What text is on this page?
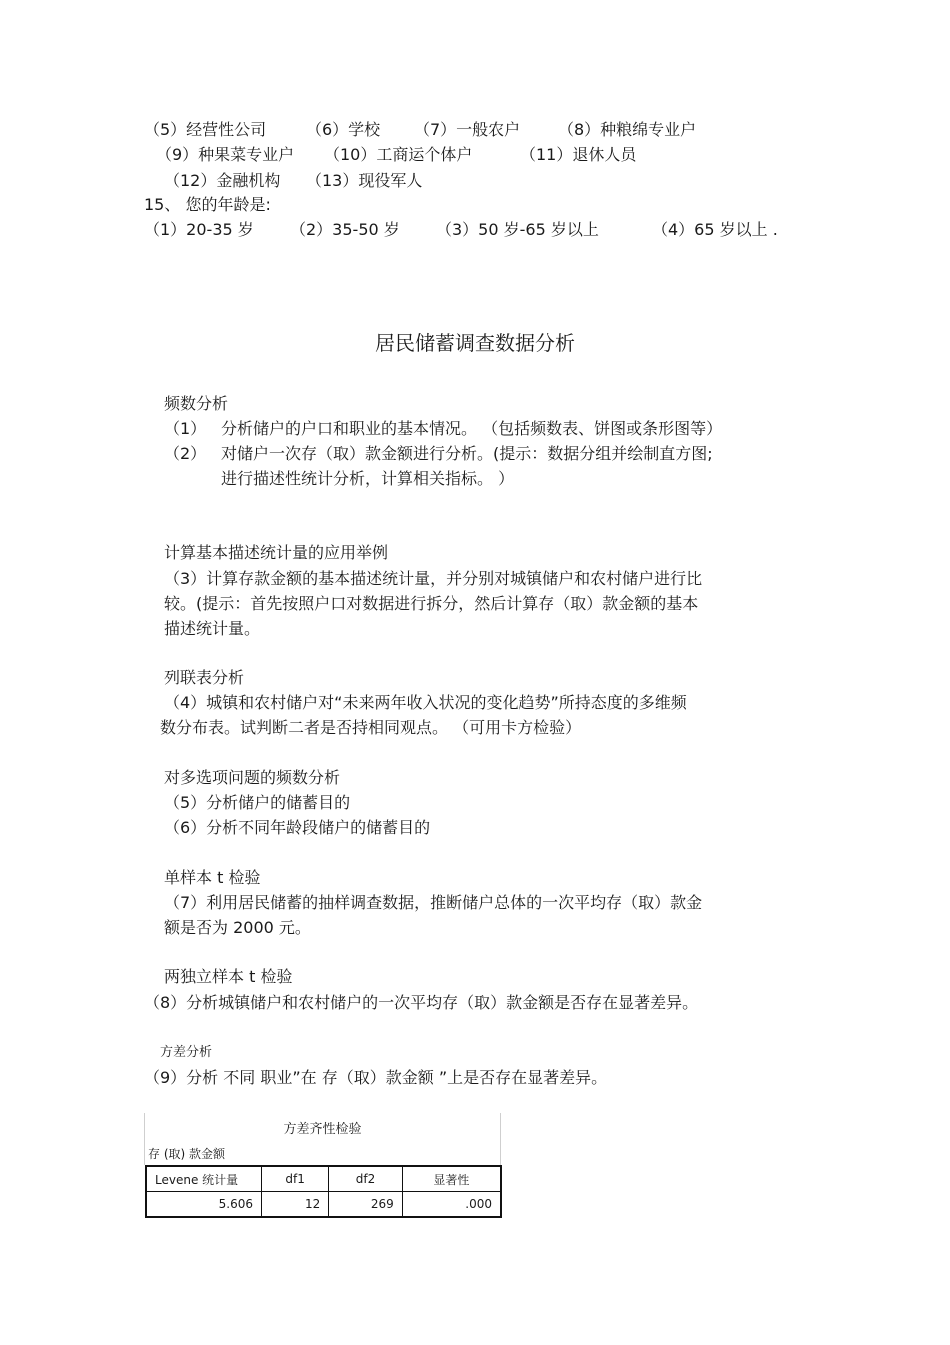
（5）经营性公司 （6）学校 （7）一般农户 （8）种粮绵专业户
（9）种果菜专业户 （10）工商运个体户	（11）退休人员
（12）金融机构 （13）现役军人
15、 您的年龄是:
（1）20-35 岁 （2）35-50 岁 （3）50 岁-65 岁以上	（4）65 岁以上 .
居民储蓄调查数据分析
频数分析
（1） 分析储户的户口和职业的基本情况。 （包括频数表、饼图或条形图等）
（2） 对储户一次存（取）款金额进行分析。(提示：数据分组并绘制直方图;
进行描述性统计分析，计算相关指标。 ）
计算基本描述统计量的应用举例
（3）计算存款金额的基本描述统计量，并分别对城镇储户和农村储户进行比
较。(提示：首先按照户口对数据进行拆分，然后计算存（取）款金额的基本
描述统计量。
列联表分析
（4）城镇和农村储户对“未来两年收入状况的变化趋势”所持态度的多维频
数分布表。试判断二者是否持相同观点。 （可用卡方检验）
对多选项问题的频数分析
（5）分析储户的储蓄目的
（6）分析不同年龄段储户的储蓄目的
单样本 t 检验
（7）利用居民储蓄的抽样调查数据，推断储户总体的一次平均存（取）款金
额是否为 2000 元。
两独立样本 t 检验
（8）分析城镇储户和农村储户的一次平均存（取）款金额是否存在显著差异。
方差分析
（9）分析 不同 职业”在 存（取）款金额 ”上是否存在显著差异。
方差齐性检验
存 (取) 款金额
Levene 统计量	df1	df2	显著性
5.606	12	269	.000
